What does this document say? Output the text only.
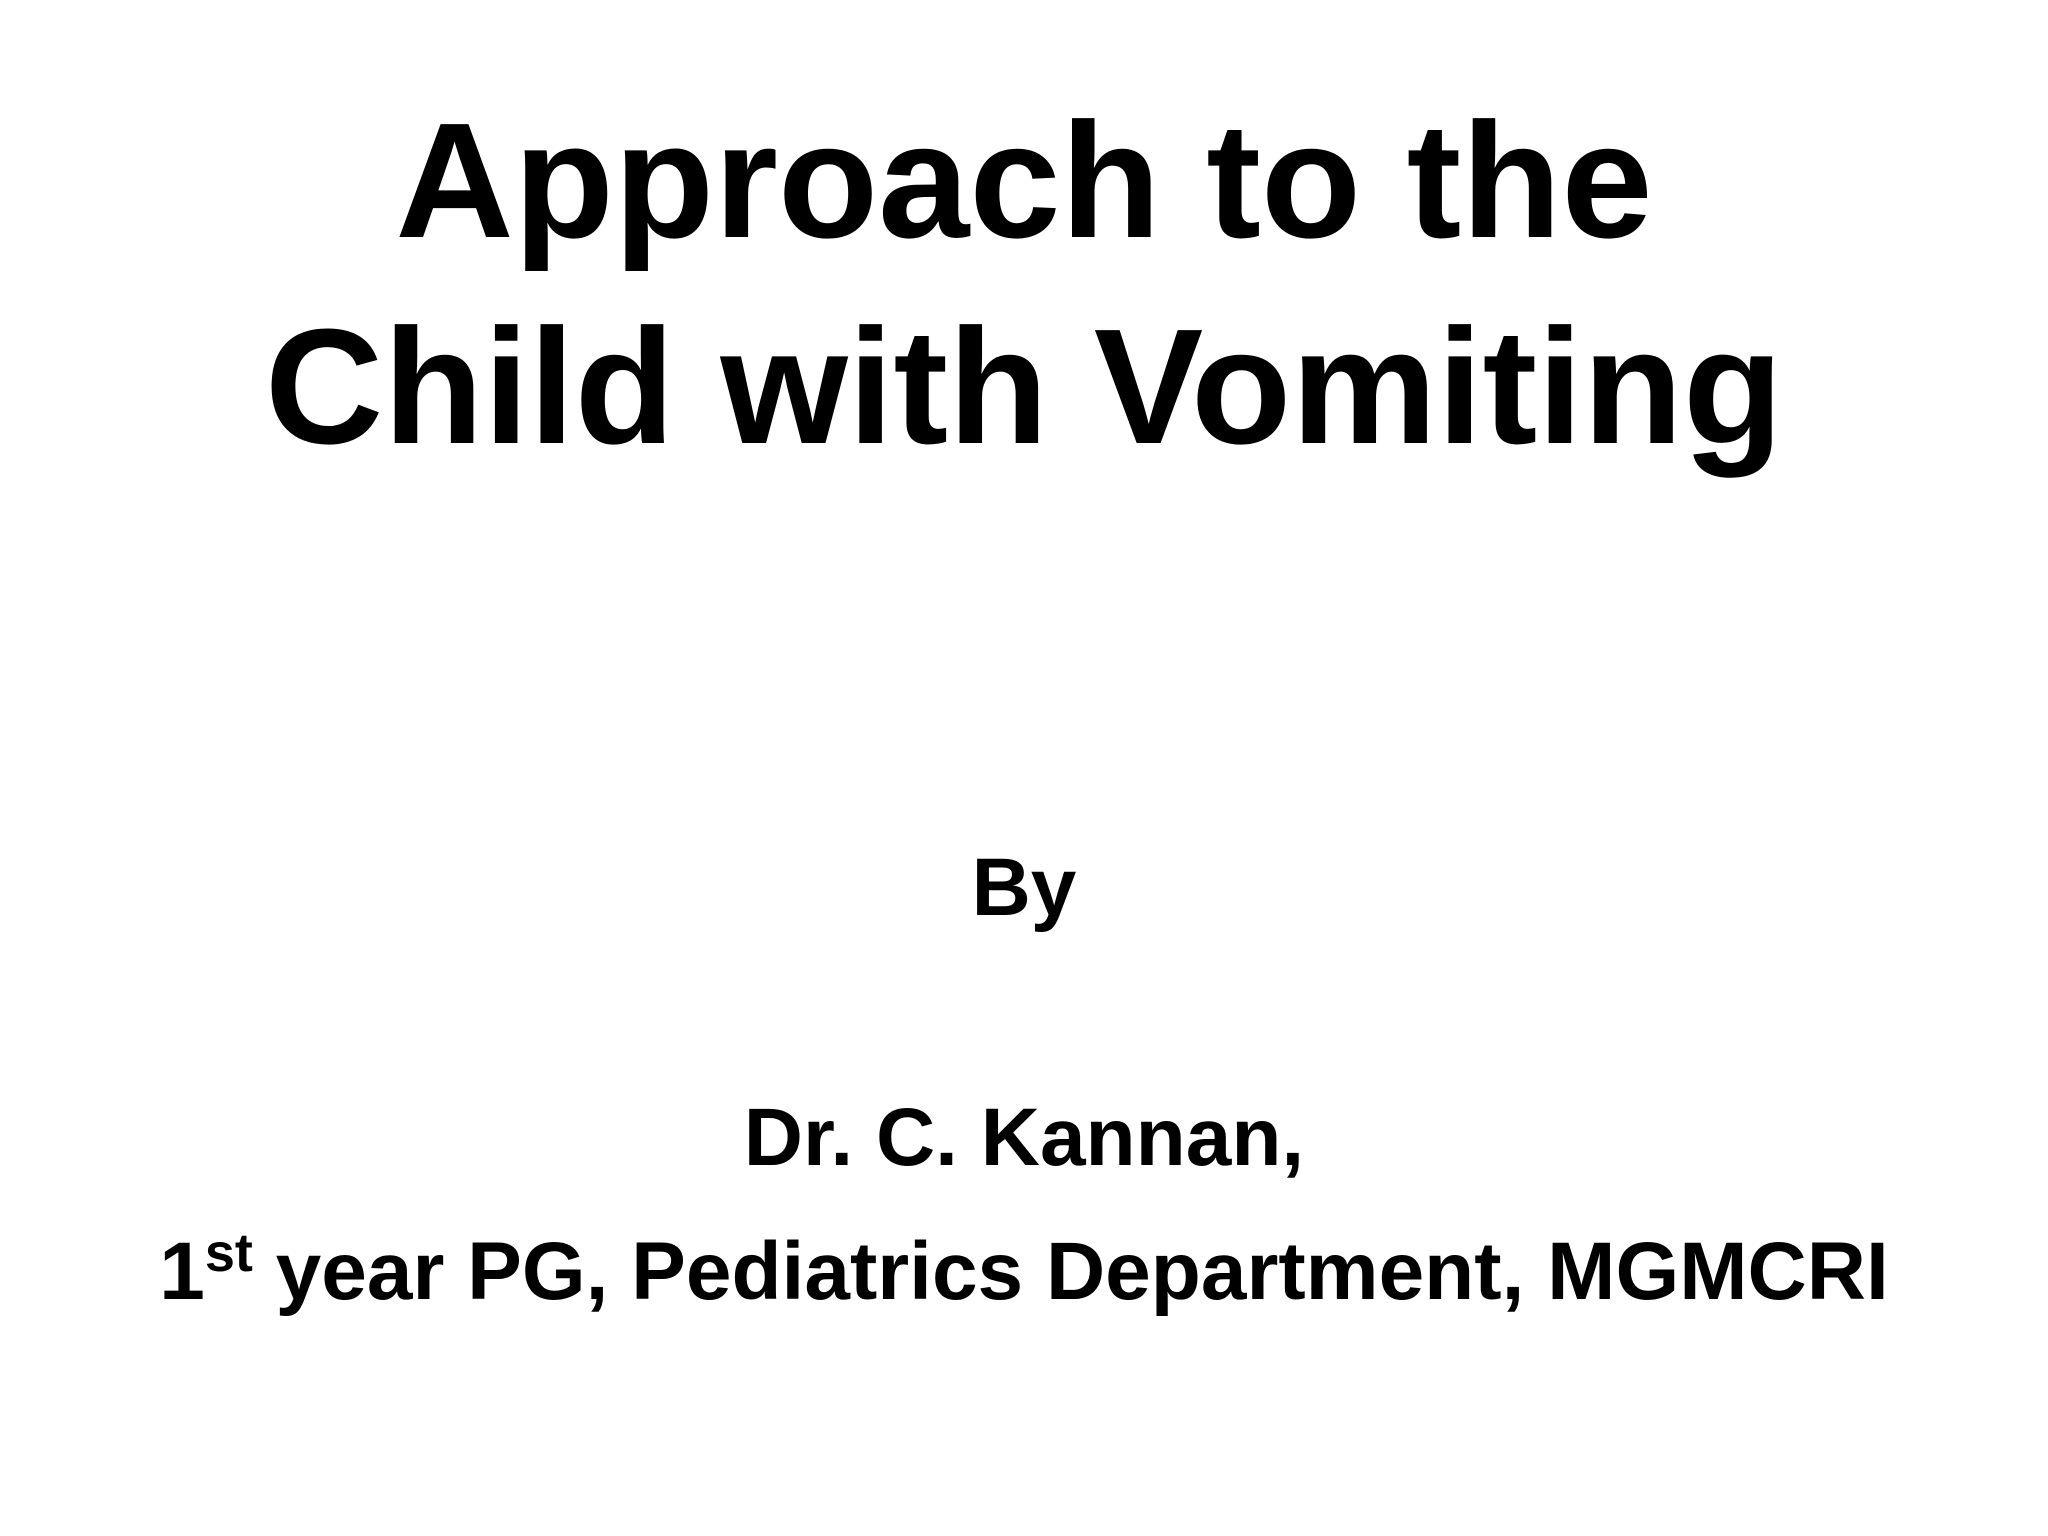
Approach to the
Child with Vomiting

By

Dr. C. Kannan,

1st year PG, Pediatrics Department, MGMCRI
